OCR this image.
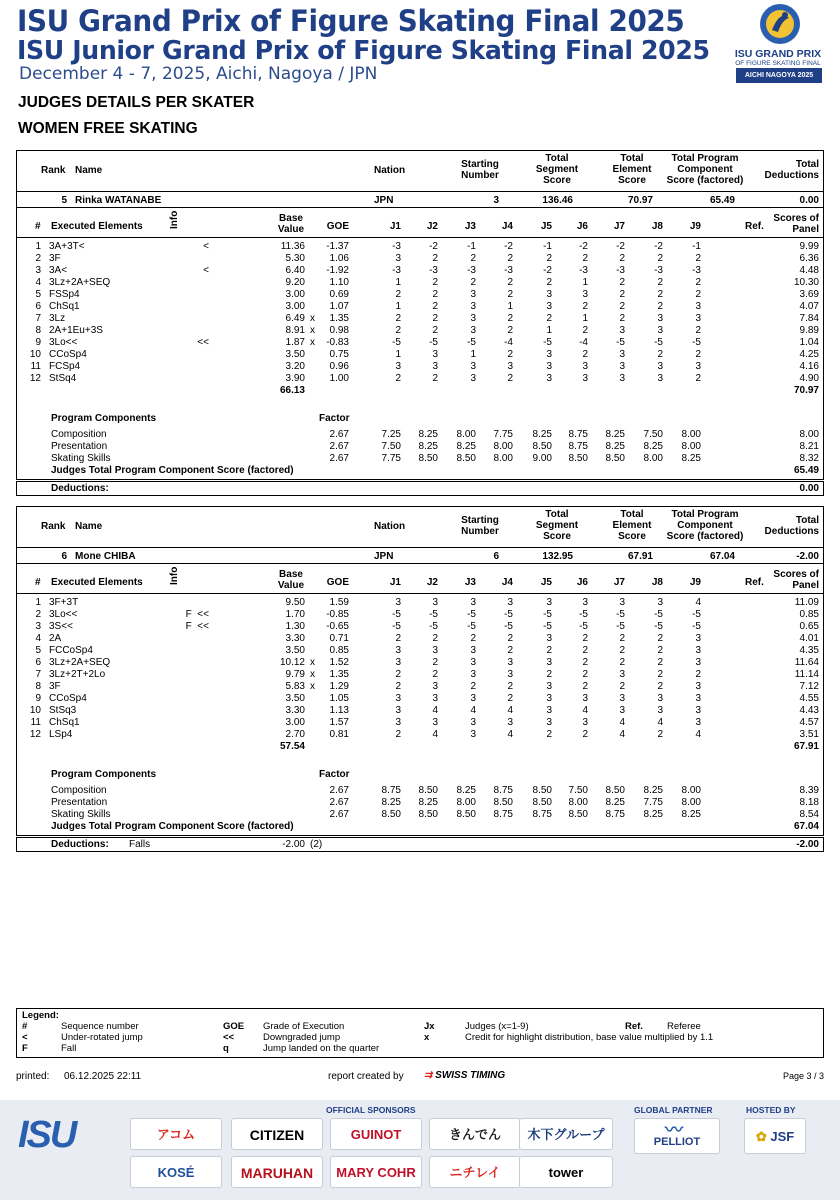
ISU Grand Prix of Figure Skating Final 2025
ISU Junior Grand Prix of Figure Skating Final 2025
December 4 - 7, 2025, Aichi, Nagoya / JPN
ISU GRAND PRIX
OF FIGURE SKATING FINAL
AICHI NAGOYA 2025
JUDGES DETAILS PER SKATER
WOMEN FREE SKATING
Rank Name	Nation
Starting
Number
Total
Segment
Score
Total
Element
Score
Total Program
Component
Score (factored)
Total
Deductions
5 Rinka WATANABE	JPN	3	136.46	70.97	65.49	0.00
# Executed Elements	Info	Base
Value	GOE	J1	J2	J3	J4	J5	J6	J7	J8	J9	Ref.
Scores of
Panel
1 3A+3T<	<	11.36	-1.37	-3	-2	-1	-2	-1	-2	-2	-2	-1	9.99
2 3F	5.30	1.06	3	2	2	2	2	2	2	2	2	6.36
3 3A<	<	6.40	-1.92	-3	-3	-3	-3	-2	-3	-3	-3	-3	4.48
4 3Lz+2A+SEQ	9.20	1.10	1	2	2	2	2	1	2	2	2	10.30
5 FSSp4	3.00	0.69	2	2	3	2	3	3	2	2	2	3.69
6 ChSq1	3.00	1.07	1	2	3	1	3	2	2	2	3	4.07
7 3Lz	6.49 x	1.35	2	2	3	2	2	1	2	3	3	7.84
8 2A+1Eu+3S	8.91 x	0.98	2	2	3	2	1	2	3	3	2	9.89
9 3Lo<<	<<	1.87 x	-0.83	-5	-5	-5	-4	-5	-4	-5	-5	-5	1.04
10 CCoSp4	3.50	0.75	1	3	1	2	3	2	3	2	2	4.25
11 FCSp4	3.20	0.96	3	3	3	3	3	3	3	3	3	4.16
12 StSq4	3.90	1.00	2	2	3	2	3	3	3	3	2	4.90
66.13	70.97
Program Components	Factor
Composition	2.67	7.25	8.25	8.00	7.75	8.25	8.75	8.25	7.50	8.00	8.00
Presentation	2.67	7.50	8.25	8.25	8.00	8.50	8.75	8.25	8.25	8.00	8.21
Skating Skills	2.67	7.75	8.50	8.50	8.00	9.00	8.50	8.50	8.00	8.25	8.32
Judges Total Program Component Score (factored)	65.49
Deductions:	0.00
Rank Name	Nation
Starting
Number
Total
Segment
Score
Total
Element
Score
Total Program
Component
Score (factored)
Total
Deductions
6 Mone CHIBA	JPN	6	132.95	67.91	67.04	-2.00
# Executed Elements	Info	Base
Value	GOE	J1	J2	J3	J4	J5	J6	J7	J8	J9	Ref.
Scores of
Panel
1 3F+3T	9.50	1.59	3	3	3	3	3	3	3	3	4	11.09
2 3Lo<<	F  <<	1.70	-0.85	-5	-5	-5	-5	-5	-5	-5	-5	-5	0.85
3 3S<<	F  <<	1.30	-0.65	-5	-5	-5	-5	-5	-5	-5	-5	-5	0.65
4 2A	3.30	0.71	2	2	2	2	3	2	2	2	3	4.01
5 FCCoSp4	3.50	0.85	3	3	3	2	2	2	2	2	3	4.35
6 3Lz+2A+SEQ	10.12 x	1.52	3	2	3	3	3	2	2	2	3	11.64
7 3Lz+2T+2Lo	9.79 x	1.35	2	2	3	3	2	2	3	2	2	11.14
8 3F	5.83 x	1.29	2	3	2	2	3	2	2	2	3	7.12
9 CCoSp4	3.50	1.05	3	3	3	2	3	3	3	3	3	4.55
10 StSq3	3.30	1.13	3	4	4	4	3	4	3	3	3	4.43
11 ChSq1	3.00	1.57	3	3	3	3	3	3	4	4	3	4.57
12 LSp4	2.70	0.81	2	4	3	4	2	2	4	2	4	3.51
57.54	67.91
Program Components	Factor
Composition	2.67	8.75	8.50	8.25	8.75	8.50	7.50	8.50	8.25	8.00	8.39
Presentation	2.67	8.25	8.25	8.00	8.50	8.50	8.00	8.25	7.75	8.00	8.18
Skating Skills	2.67	8.50	8.50	8.50	8.75	8.75	8.50	8.75	8.25	8.25	8.54
Judges Total Program Component Score (factored)	67.04
Deductions: Falls	-2.00 (2)	-2.00
Legend:
#	Sequence number	GOE Grade of Execution	Jx	Judges (x=1-9)	Ref.	Referee
<	Under-rotated jump	<<	Downgraded jump	x	Credit for highlight distribution, base value multiplied by 1.1
F	Fall	q	Jump landed on the quarter
printed: 06.12.2025 22:11	report created by ⇉ SWISS TIMING	Page 3 / 3
ISU
OFFICIAL SPONSORS	GLOBAL PARTNER	HOSTED BY
アコム	CITIZEN	GUINOT	きんでん	木下グループ
KOSÉ	MARUHAN	MARY COHR	ニチレイ	tower
〰
PELLIOT	✿ JSF
